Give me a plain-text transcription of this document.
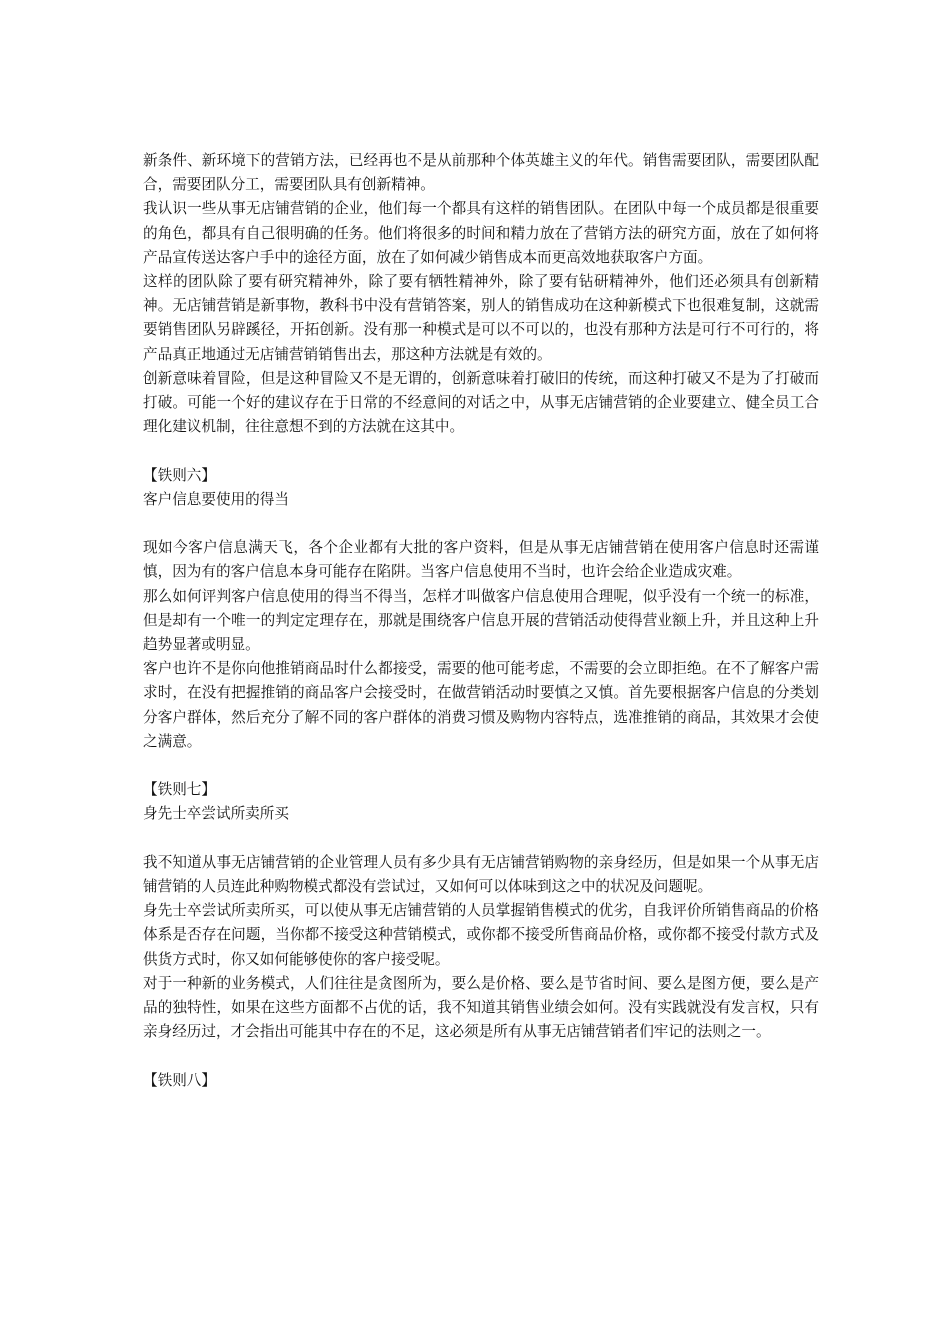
新条件、新环境下的营销方法，已经再也不是从前那种个体英雄主义的年代。销售需要团队，需要团队配合，需要团队分工，需要团队具有创新精神。

我认识一些从事无店铺营销的企业，他们每一个都具有这样的销售团队。在团队中每一个成员都是很重要的角色，都具有自己很明确的任务。他们将很多的时间和精力放在了营销方法的研究方面，放在了如何将产品宣传送达客户手中的途径方面，放在了如何减少销售成本而更高效地获取客户方面。

这样的团队除了要有研究精神外，除了要有牺牲精神外，除了要有钻研精神外，他们还必须具有创新精神。无店铺营销是新事物，教科书中没有营销答案，别人的销售成功在这种新模式下也很难复制，这就需要销售团队另辟蹊径，开拓创新。没有那一种模式是可以不可以的，也没有那种方法是可行不可行的，将产品真正地通过无店铺营销销售出去，那这种方法就是有效的。

创新意味着冒险，但是这种冒险又不是无谓的，创新意味着打破旧的传统，而这种打破又不是为了打破而打破。可能一个好的建议存在于日常的不经意间的对话之中，从事无店铺营销的企业要建立、健全员工合理化建议机制，往往意想不到的方法就在这其中。

【铁则六】

客户信息要使用的得当

现如今客户信息满天飞，各个企业都有大批的客户资料，但是从事无店铺营销在使用客户信息时还需谨慎，因为有的客户信息本身可能存在陷阱。当客户信息使用不当时，也许会给企业造成灾难。

那么如何评判客户信息使用的得当不得当，怎样才叫做客户信息使用合理呢，似乎没有一个统一的标准，但是却有一个唯一的判定定理存在，那就是围绕客户信息开展的营销活动使得营业额上升，并且这种上升趋势显著或明显。

客户也许不是你向他推销商品时什么都接受，需要的他可能考虑，不需要的会立即拒绝。在不了解客户需求时，在没有把握推销的商品客户会接受时，在做营销活动时要慎之又慎。首先要根据客户信息的分类划分客户群体，然后充分了解不同的客户群体的消费习惯及购物内容特点，选准推销的商品，其效果才会使之满意。

【铁则七】

身先士卒尝试所卖所买

我不知道从事无店铺营销的企业管理人员有多少具有无店铺营销购物的亲身经历，但是如果一个从事无店铺营销的人员连此种购物模式都没有尝试过，又如何可以体味到这之中的状况及问题呢。

身先士卒尝试所卖所买，可以使从事无店铺营销的人员掌握销售模式的优劣，自我评价所销售商品的价格体系是否存在问题，当你都不接受这种营销模式，或你都不接受所售商品价格，或你都不接受付款方式及供货方式时，你又如何能够使你的客户接受呢。

对于一种新的业务模式，人们往往是贪图所为，要么是价格、要么是节省时间、要么是图方便，要么是产品的独特性，如果在这些方面都不占优的话，我不知道其销售业绩会如何。没有实践就没有发言权，只有亲身经历过，才会指出可能其中存在的不足，这必须是所有从事无店铺营销者们牢记的法则之一。

【铁则八】
